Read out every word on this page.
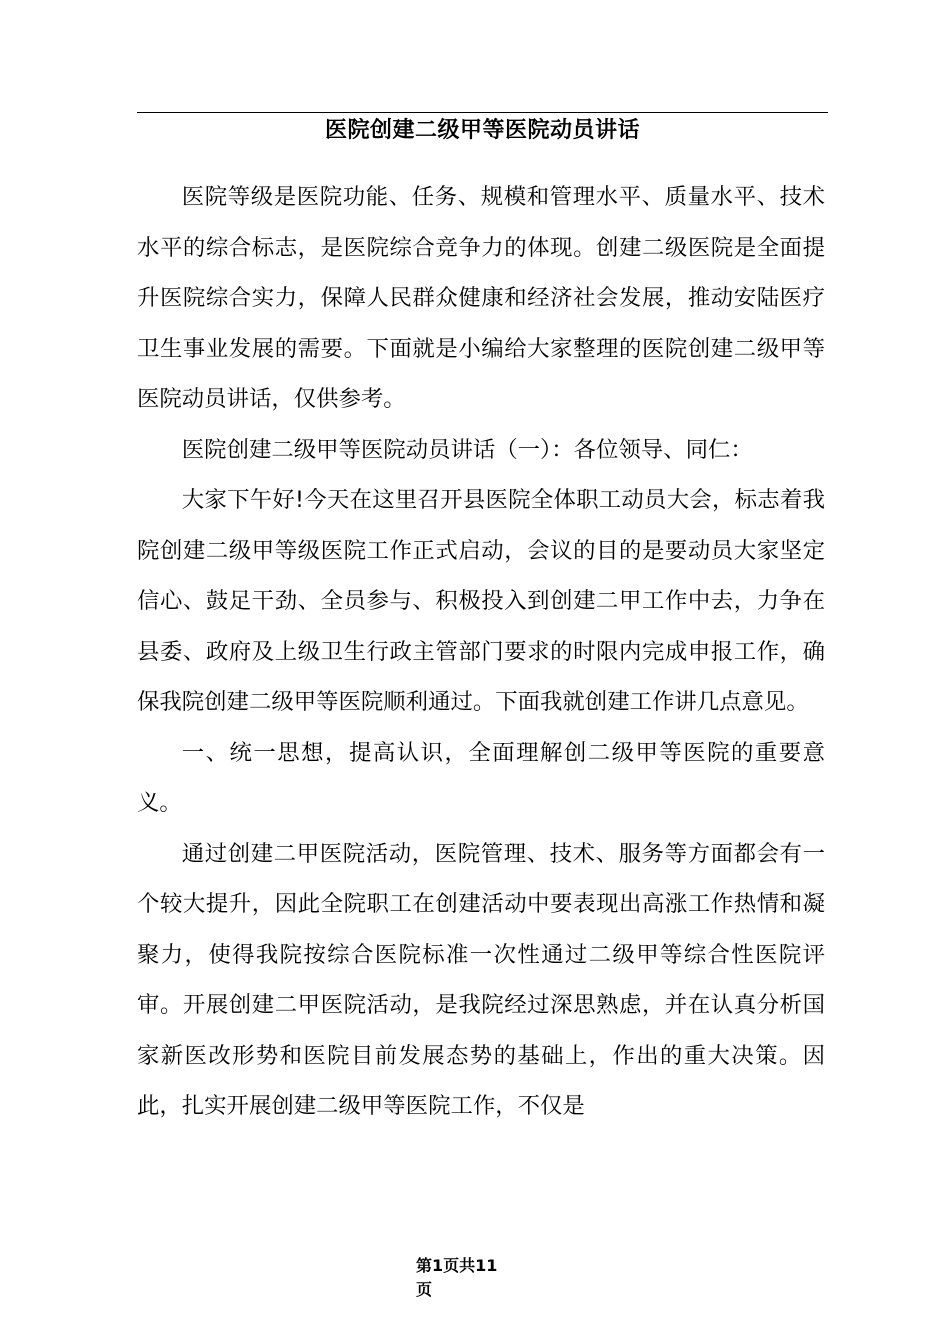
医院创建二级甲等医院动员讲话

医院等级是医院功能、任务、规模和管理水平、质量水平、技术水平的综合标志，是医院综合竞争力的体现。创建二级医院是全面提升医院综合实力，保障人民群众健康和经济社会发展，推动安陆医疗卫生事业发展的需要。下面就是小编给大家整理的医院创建二级甲等医院动员讲话，仅供参考。

医院创建二级甲等医院动员讲话（一）：各位领导、同仁：

大家下午好!今天在这里召开县医院全体职工动员大会，标志着我院创建二级甲等级医院工作正式启动，会议的目的是要动员大家坚定信心、鼓足干劲、全员参与、积极投入到创建二甲工作中去，力争在县委、政府及上级卫生行政主管部门要求的时限内完成申报工作，确保我院创建二级甲等医院顺利通过。下面我就创建工作讲几点意见。

一、统一思想，提高认识，全面理解创二级甲等医院的重要意义。

通过创建二甲医院活动，医院管理、技术、服务等方面都会有一个较大提升，因此全院职工在创建活动中要表现出高涨工作热情和凝聚力，使得我院按综合医院标准一次性通过二级甲等综合性医院评审。开展创建二甲医院活动，是我院经过深思熟虑，并在认真分析国家新医改形势和医院目前发展态势的基础上，作出的重大决策。因此，扎实开展创建二级甲等医院工作，不仅是

第1页共11
页
